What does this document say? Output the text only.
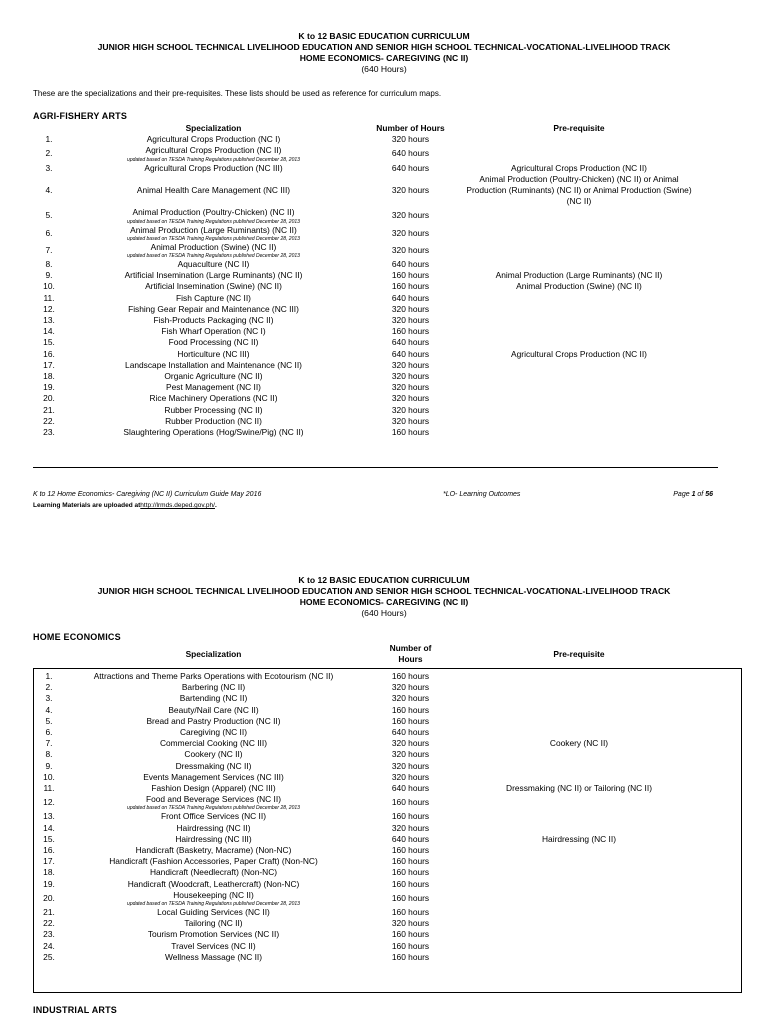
K to 12 BASIC EDUCATION CURRICULUM
JUNIOR HIGH SCHOOL TECHNICAL LIVELIHOOD EDUCATION AND SENIOR HIGH SCHOOL TECHNICAL-VOCATIONAL-LIVELIHOOD TRACK
HOME ECONOMICS- CAREGIVING (NC II)
(640 Hours)
These are the specializations and their pre-requisites. These lists should be used as reference for curriculum maps.
AGRI-FISHERY ARTS
	Specialization	Number of Hours	Pre-requisite
1.	Agricultural Crops Production (NC I)	320 hours	
2.	Agricultural Crops Production (NC II)
updated based on TESDA Training Regulations published December 28, 2013	640 hours	
3.	Agricultural Crops Production (NC III)	640 hours	Agricultural Crops Production (NC II)
4.	Animal Health Care Management (NC III)	320 hours	Animal Production (Poultry-Chicken) (NC II) or Animal Production (Ruminants) (NC II) or Animal Production (Swine) (NC II)
5.	Animal Production (Poultry-Chicken) (NC II)
updated based on TESDA Training Regulations published December 28, 2013	320 hours	
6.	Animal Production (Large Ruminants) (NC II)
updated based on TESDA Training Regulations published December 28, 2013	320 hours	
7.	Animal Production (Swine) (NC II)
updated based on TESDA Training Regulations published December 28, 2013	320 hours	
8.	Aquaculture (NC II)	640 hours	
9.	Artificial Insemination (Large Ruminants) (NC II)	160 hours	Animal Production (Large Ruminants) (NC II)
10.	Artificial Insemination (Swine) (NC II)	160 hours	Animal Production (Swine) (NC II)
11.	Fish Capture (NC II)	640 hours	
12.	Fishing Gear Repair and Maintenance (NC III)	320 hours	
13.	Fish-Products Packaging (NC II)	320 hours	
14.	Fish Wharf Operation (NC I)	160 hours	
15.	Food Processing (NC II)	640 hours	
16.	Horticulture (NC III)	640 hours	Agricultural Crops Production (NC II)
17.	Landscape Installation and Maintenance (NC II)	320 hours	
18.	Organic Agriculture (NC II)	320 hours	
19.	Pest Management (NC II)	320 hours	
20.	Rice Machinery Operations (NC II)	320 hours	
21.	Rubber Processing (NC II)	320 hours	
22.	Rubber Production (NC II)	320 hours	
23.	Slaughtering Operations (Hog/Swine/Pig) (NC II)	160 hours	
K to 12 Home Economics- Caregiving (NC II) Curriculum Guide May 2016	*LO- Learning Outcomes	Page 1 of 56
Learning Materials are uploaded athttp://lrmds.deped.gov.ph/.
K to 12 BASIC EDUCATION CURRICULUM
JUNIOR HIGH SCHOOL TECHNICAL LIVELIHOOD EDUCATION AND SENIOR HIGH SCHOOL TECHNICAL-VOCATIONAL-LIVELIHOOD TRACK
HOME ECONOMICS- CAREGIVING (NC II)
(640 Hours)
HOME ECONOMICS
	Specialization	Number of
Hours	Pre-requisite
1.	Attractions and Theme Parks Operations with Ecotourism (NC II)	160 hours	
2.	Barbering (NC II)	320 hours	
3.	Bartending (NC II)	320 hours	
4.	Beauty/Nail Care (NC II)	160 hours	
5.	Bread and Pastry Production (NC II)	160 hours	
6.	Caregiving (NC II)	640 hours	
7.	Commercial Cooking (NC III)	320 hours	Cookery (NC II)
8.	Cookery (NC II)	320 hours	
9.	Dressmaking (NC II)	320 hours	
10.	Events Management Services (NC III)	320 hours	
11.	Fashion Design (Apparel) (NC III)	640 hours	Dressmaking (NC II) or Tailoring (NC II)
12.	Food and Beverage Services (NC II)
updated based on TESDA Training Regulations published December 28, 2013	160 hours	
13.	Front Office Services (NC II)	160 hours	
14.	Hairdressing (NC II)	320 hours	
15.	Hairdressing (NC III)	640 hours	Hairdressing (NC II)
16.	Handicraft (Basketry, Macrame) (Non-NC)	160 hours	
17.	Handicraft (Fashion Accessories, Paper Craft) (Non-NC)	160 hours	
18.	Handicraft (Needlecraft) (Non-NC)	160 hours	
19.	Handicraft (Woodcraft, Leathercraft) (Non-NC)	160 hours	
20.	Housekeeping (NC II)
updated based on TESDA Training Regulations published December 28, 2013	160 hours	
21.	Local Guiding Services (NC II)	160 hours	
22.	Tailoring (NC II)	320 hours	
23.	Tourism Promotion Services (NC II)	160 hours	
24.	Travel Services (NC II)	160 hours	
25.	Wellness Massage (NC II)	160 hours	
INDUSTRIAL ARTS
